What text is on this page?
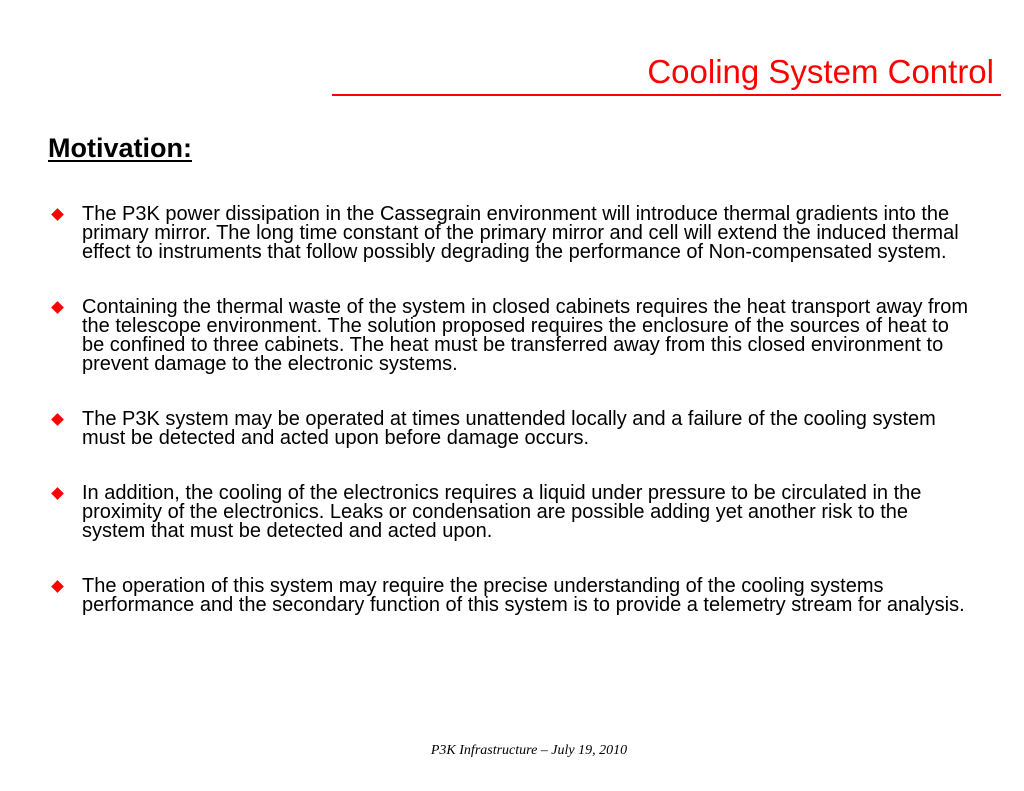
Cooling System Control
Motivation:
The P3K power dissipation in the Cassegrain environment will introduce thermal gradients into the primary mirror. The long time constant of the primary mirror and cell will extend the induced thermal effect to instruments that follow possibly degrading the performance of Non-compensated system.
Containing the thermal waste of the system in closed cabinets requires the heat transport away from the telescope environment. The solution proposed requires the enclosure of the sources of heat to be confined to three cabinets. The heat must be transferred away from this closed environment to prevent damage to the electronic systems.
The P3K system may be operated at times unattended locally and a failure of the cooling system must be detected and acted upon before damage occurs.
In addition, the cooling of the electronics requires a liquid under pressure to be circulated in the proximity of the electronics. Leaks or condensation are possible adding yet another risk to the system that must be detected and acted upon.
The operation of this system may require the precise understanding of the cooling systems performance and the secondary function of this system is to provide a telemetry stream for analysis.
P3K Infrastructure – July 19, 2010
